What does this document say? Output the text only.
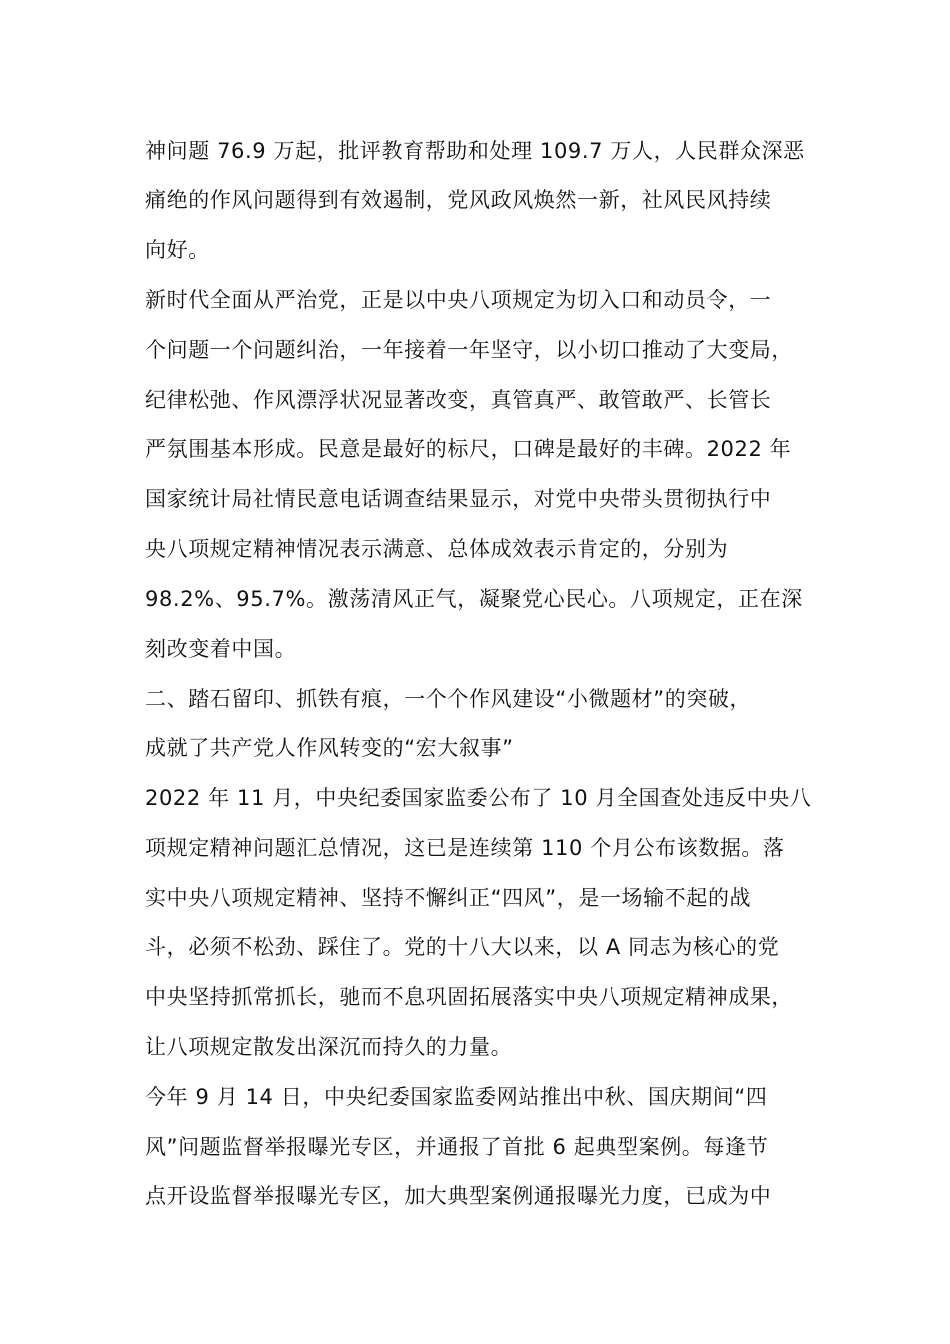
神问题 76.9 万起，批评教育帮助和处理 109.7 万人，人民群众深恶
痛绝的作风问题得到有效遏制，党风政风焕然一新，社风民风持续
向好。
新时代全面从严治党，正是以中央八项规定为切入口和动员令，一
个问题一个问题纠治，一年接着一年坚守，以小切口推动了大变局，
纪律松弛、作风漂浮状况显著改变，真管真严、敢管敢严、长管长
严氛围基本形成。民意是最好的标尺，口碑是最好的丰碑。2022 年
国家统计局社情民意电话调查结果显示，对党中央带头贯彻执行中
央八项规定精神情况表示满意、总体成效表示肯定的，分别为
98.2%、95.7%。激荡清风正气，凝聚党心民心。八项规定，正在深
刻改变着中国。
二、踏石留印、抓铁有痕，一个个作风建设“小微题材”的突破，
成就了共产党人作风转变的“宏大叙事”
2022 年 11 月，中央纪委国家监委公布了 10 月全国查处违反中央八
项规定精神问题汇总情况，这已是连续第 110 个月公布该数据。落
实中央八项规定精神、坚持不懈纠正“四风”，是一场输不起的战
斗，必须不松劲、踩住了。党的十八大以来，以 A 同志为核心的党
中央坚持抓常抓长，驰而不息巩固拓展落实中央八项规定精神成果，
让八项规定散发出深沉而持久的力量。
今年 9 月 14 日，中央纪委国家监委网站推出中秋、国庆期间“四
风”问题监督举报曝光专区，并通报了首批 6 起典型案例。每逢节
点开设监督举报曝光专区，加大典型案例通报曝光力度，已成为中
